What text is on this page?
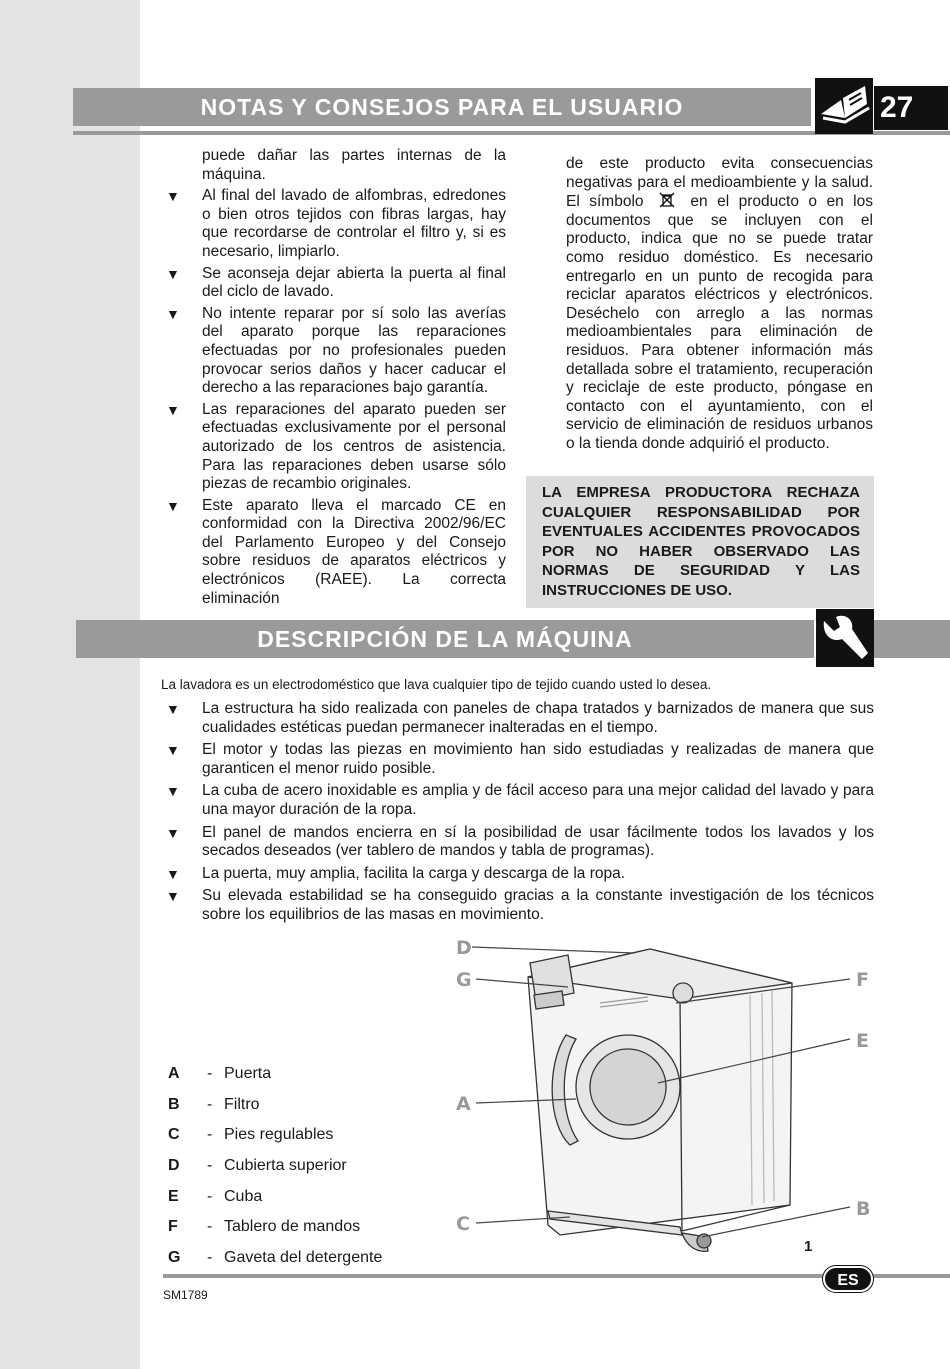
NOTAS Y CONSEJOS PARA EL USUARIO	27

puede dañar las partes internas de la máquina.

▼ Al final del lavado de alfombras, edredones o bien otros tejidos con fibras largas, hay que recordarse de controlar el filtro y, si es necesario, limpiarlo.
▼ Se aconseja dejar abierta la puerta al final del ciclo de lavado.
▼ No intente reparar por sí solo las averías del aparato porque las reparaciones efectuadas por no profesionales pueden provocar serios daños y hacer caducar el derecho a las reparaciones bajo garantía.
▼ Las reparaciones del aparato pueden ser efectuadas exclusivamente por el personal autorizado de los centros de asistencia. Para las reparaciones deben usarse sólo piezas de recambio originales.
▼ Este aparato lleva el marcado CE en conformidad con la Directiva 2002/96/EC del Parlamento Europeo y del Consejo sobre residuos de aparatos eléctricos y electrónicos (RAEE). La correcta eliminación

de este producto evita consecuencias negativas para el medioambiente y la salud. El símbolo	en el producto o en los documentos que se incluyen con el producto, indica que no se puede tratar como residuo doméstico. Es necesario entregarlo en un punto de recogida para reciclar aparatos eléctricos y electrónicos. Deséchelo con arreglo a las normas medioambientales para eliminación de residuos. Para obtener información más detallada sobre el tratamiento, recuperación y reciclaje de este producto, póngase en contacto con el ayuntamiento, con el servicio de eliminación de residuos urbanos o la tienda donde adquirió el producto.

LA EMPRESA PRODUCTORA RECHAZA CUALQUIER RESPONSABILIDAD POR EVENTUALES ACCIDENTES PROVOCADOS POR NO HABER OBSERVADO LAS NORMAS DE SEGURIDAD Y LAS INSTRUCCIONES DE USO.
DESCRIPCIÓN DE LA MÁQUINA
La lavadora es un electrodoméstico que lava cualquier tipo de tejido cuando usted lo desea.
▼ La estructura ha sido realizada con paneles de chapa tratados y barnizados de manera que sus cualidades estéticas puedan permanecer inalteradas en el tiempo.
▼ El motor y todas las piezas en movimiento han sido estudiadas y realizadas de manera que garanticen el menor ruido posible.
▼ La cuba de acero inoxidable es amplia y de fácil acceso para una mejor calidad del lavado y para una mayor duración de la ropa.
▼ El panel de mandos encierra en sí la posibilidad de usar fácilmente todos los lavados y los secados deseados (ver tablero de mandos y tabla de programas).
▼ La puerta, muy amplia, facilita la carga y descarga de la ropa.
▼ Su elevada estabilidad se ha conseguido gracias a la constante investigación de los técnicos sobre los equilibrios de las masas en movimiento.
A	- Puerta
B	- Filtro
C	- Pies regulables
D	- Cubierta superior
E	- Cuba
F	- Tablero de mandos
G	- Gaveta del detergente
D
G	F
E
A
B
C
1
ES
SM1789
